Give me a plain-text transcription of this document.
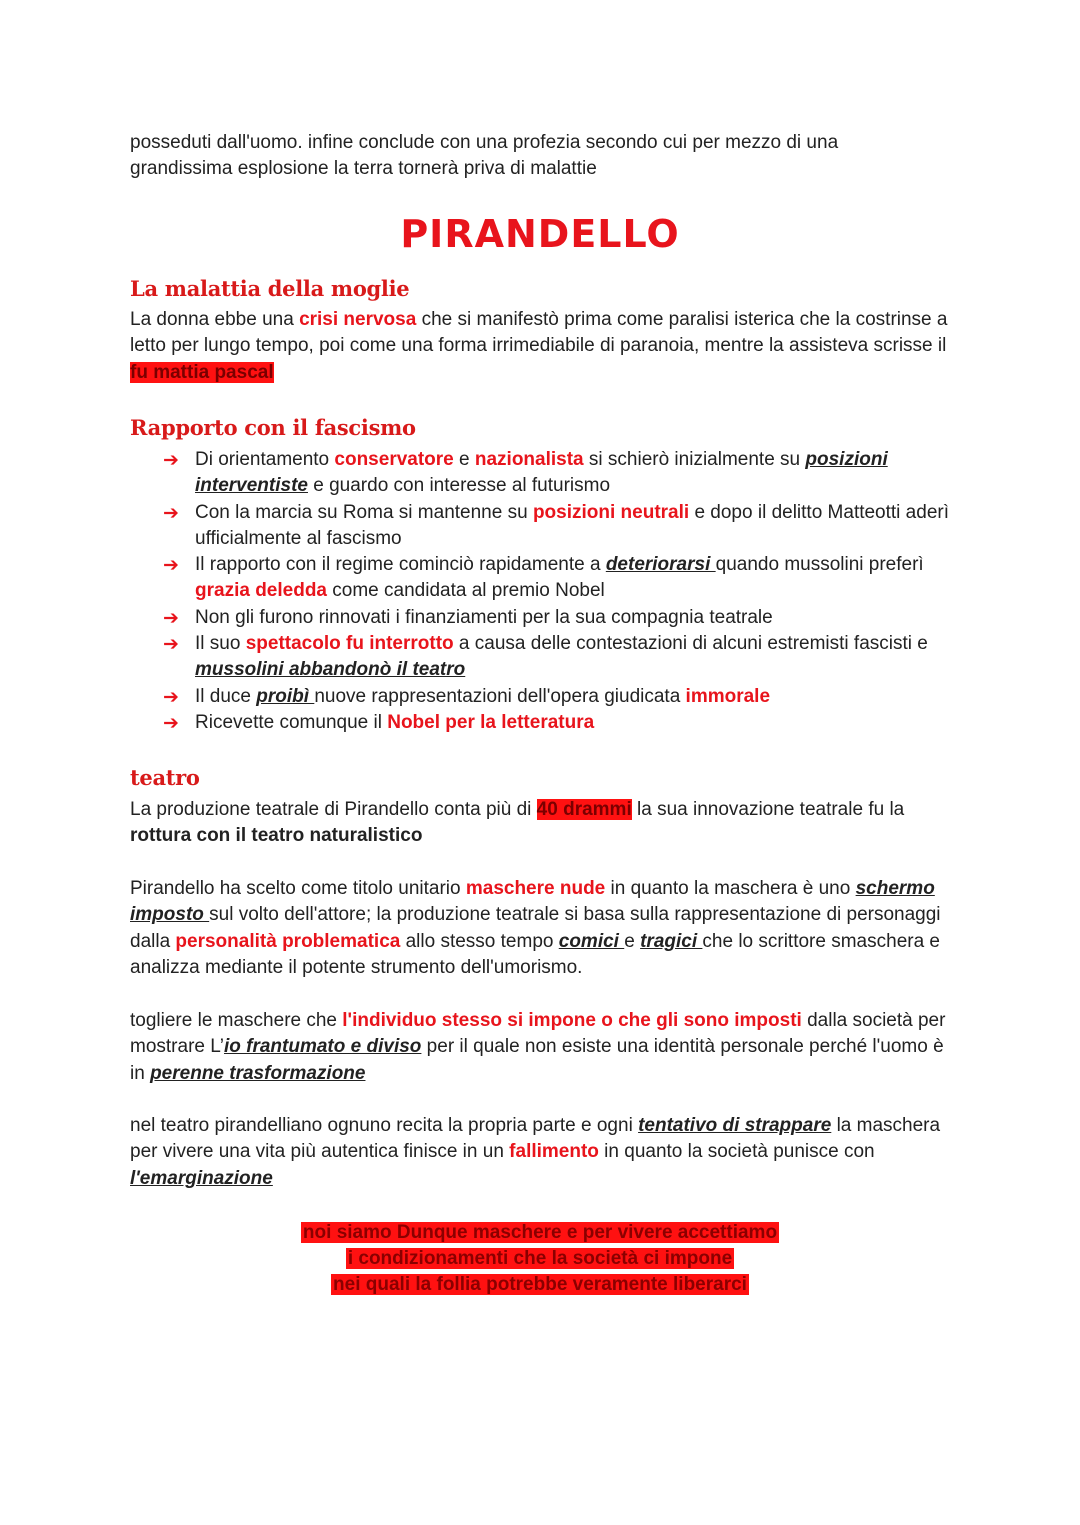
posseduti dall'uomo. infine conclude con una profezia secondo cui per mezzo di una
grandissima esplosione la terra tornerà priva di malattie

PIRANDELLO
La malattia della moglie

La donna ebbe una crisi nervosa che si manifestò prima come paralisi isterica che la costrinse a letto per lungo tempo, poi come una forma irrimediabile di paranoia, mentre la assisteva scrisse il fu mattia pascal

Rapporto con il fascismo
➔ Di orientamento conservatore e nazionalista si schierò inizialmente su posizioni interventiste e guardo con interesse al futurismo
➔ Con la marcia su Roma si mantenne su posizioni neutrali e dopo il delitto Matteotti aderì ufficialmente al fascismo
➔ Il rapporto con il regime cominciò rapidamente a deteriorarsi quando mussolini preferì grazia deledda come candidata al premio Nobel
➔ Non gli furono rinnovati i finanziamenti per la sua compagnia teatrale
➔ Il suo spettacolo fu interrotto a causa delle contestazioni di alcuni estremisti fascisti e mussolini abbandonò il teatro
➔ Il duce proibì nuove rappresentazioni dell'opera giudicata immorale
➔ Ricevette comunque il Nobel per la letteratura
teatro

La produzione teatrale di Pirandello conta più di 40 drammi la sua innovazione teatrale fu la rottura con il teatro naturalistico

Pirandello ha scelto come titolo unitario maschere nude in quanto la maschera è uno schermo imposto sul volto dell'attore; la produzione teatrale si basa sulla rappresentazione di personaggi dalla personalità problematica allo stesso tempo comici e tragici che lo scrittore smaschera e analizza mediante il potente strumento dell'umorismo.

togliere le maschere che l'individuo stesso si impone o che gli sono imposti dalla società per mostrare L’io frantumato e diviso per il quale non esiste una identità personale perché l'uomo è in perenne trasformazione

nel teatro pirandelliano ognuno recita la propria parte e ogni tentativo di strappare la maschera per vivere una vita più autentica finisce in un fallimento in quanto la società punisce con l'emarginazione

noi siamo Dunque maschere e per vivere accettiamo
i condizionamenti che la società ci impone
nei quali la follia potrebbe veramente liberarci
